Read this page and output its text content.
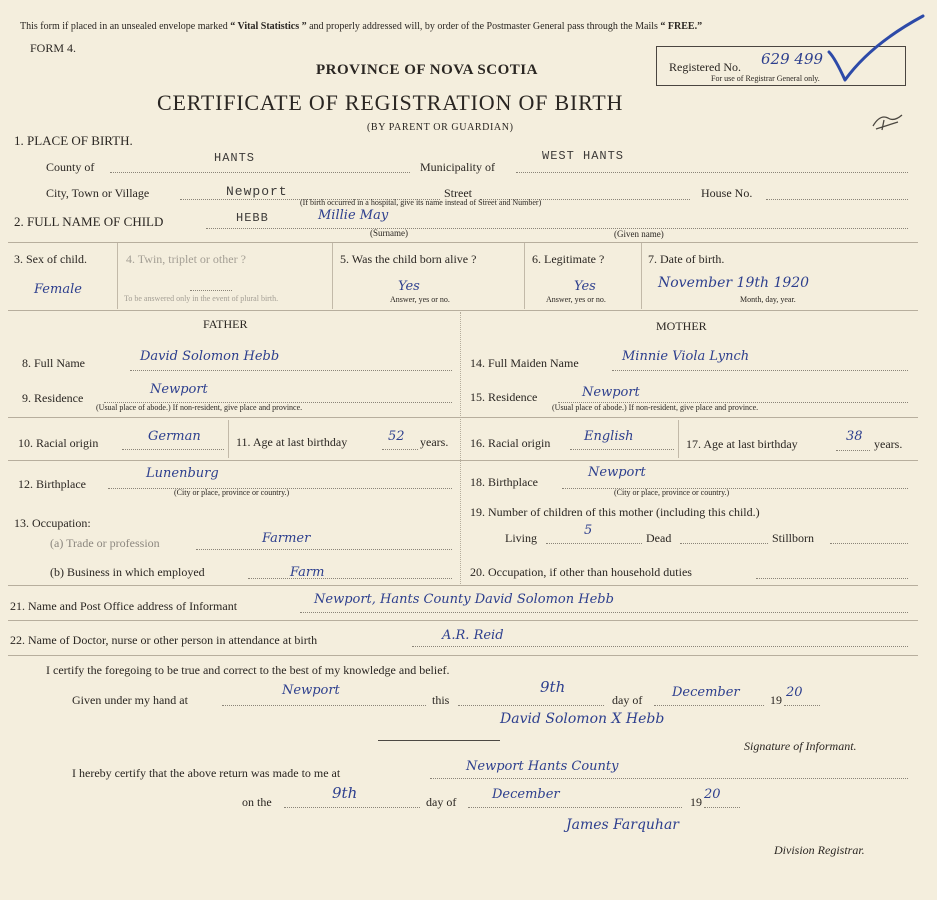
This form if placed in an unsealed envelope marked “ Vital Statistics ” and properly addressed will, by order of the Postmaster General pass through the Mails “ FREE.”
FORM 4.
PROVINCE OF NOVA SCOTIA
CERTIFICATE OF REGISTRATION OF BIRTH
(BY PARENT OR GUARDIAN)
Registered No. 629 499
For use of Registrar General only.
1. PLACE OF BIRTH.
County of
HANTS
Municipality of
WEST HANTS
City, Town or Village	Newport	Street	House No.
(If birth occurred in a hospital, give its name instead of Street and Number)
2. FULL NAME OF CHILD	HEBB	Millie May
(Surname)	(Given name)
3. Sex of child.
Female
4. Twin, triplet or other ?
To be answered only in the event of plural birth.
5. Was the child born alive ?
Yes
Answer, yes or no.
6. Legitimate ?
Yes
Answer, yes or no.
7. Date of birth.
November 19th 1920
Month, day, year.
FATHER
8. Full Name	David Solomon Hebb
9. Residence
Newport
(Usual place of abode.) If non-resident, give place and province.
10. Racial origin	German	11. Age at last birthday	52 years.
12. Birthplace
Lunenburg
(City or place, province or country.)
13. Occupation:
(a) Trade or profession	Farmer
(b) Business in which employed	Farm
MOTHER
14. Full Maiden Name	Minnie Viola Lynch
15. Residence	Newport
(Usual place of abode.) If non-resident, give place and province.
16. Racial origin	English	17. Age at last birthday	38 years.
18. Birthplace
Newport
(City or place, province or country.)
19. Number of children of this mother (including this child.)
Living	5	Dead	Stillborn
20. Occupation, if other than household duties
21. Name and Post Office address of Informant	Newport, Hants County David Solomon Hebb
22. Name of Doctor, nurse or other person in attendance at birth	A.R. Reid
I certify the foregoing to be true and correct to the best of my knowledge and belief.
Given under my hand at
Newport
this
9th
day of December	19 20
David Solomon X Hebb
Signature of Informant.
I hereby certify that the above return was made to me at	Newport Hants County
on the	9th	day of	December	19 20
James Farquhar
Division Registrar.
